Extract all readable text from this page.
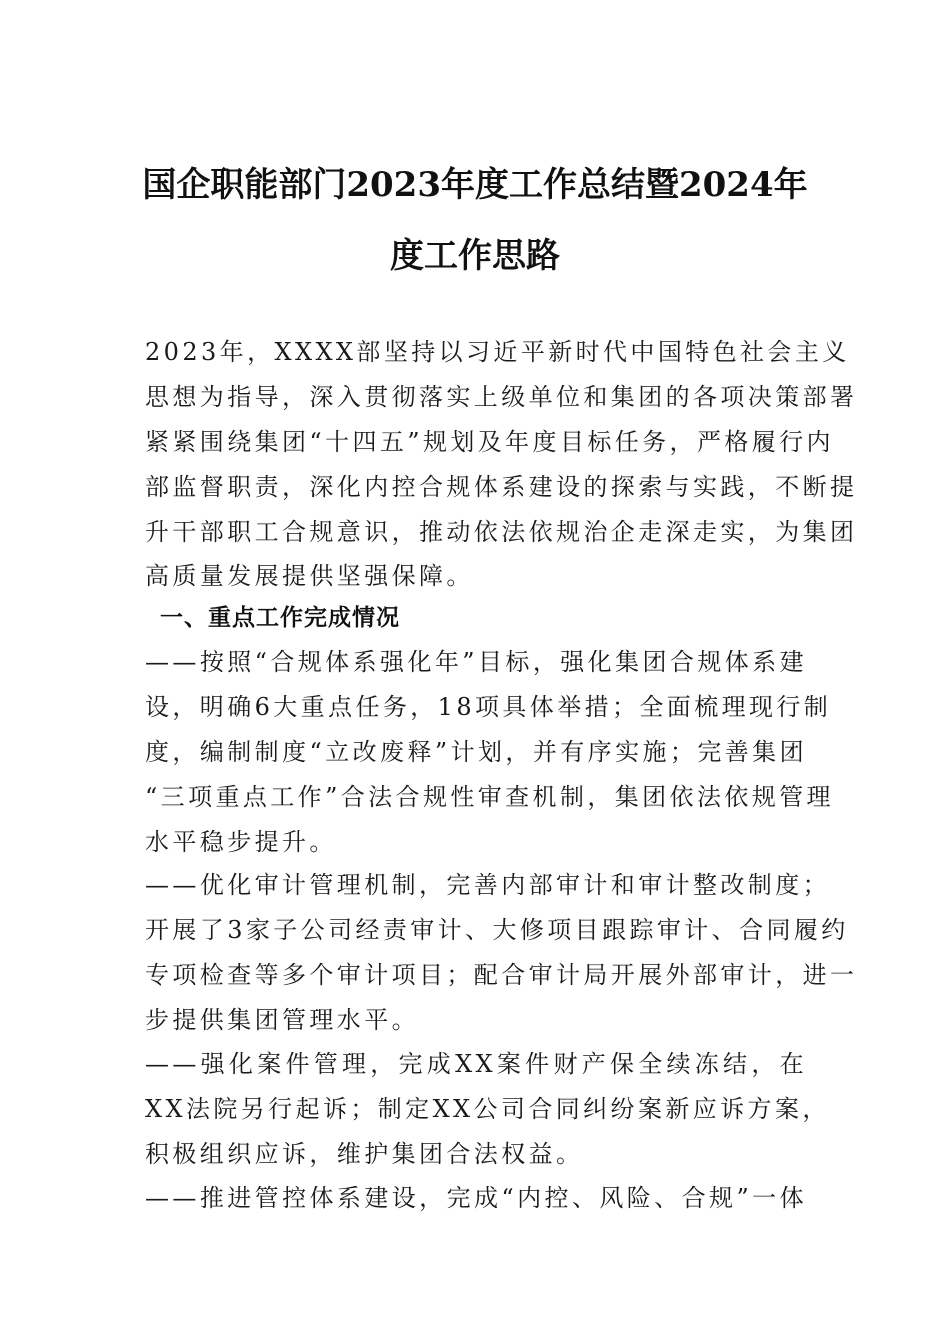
国企职能部门2023年度工作总结暨2024年
度工作思路
2023年，XXXX部坚持以习近平新时代中国特色社会主义
思想为指导，深入贯彻落实上级单位和集团的各项决策部署
紧紧围绕集团“十四五”规划及年度目标任务，严格履行内
部监督职责，深化内控合规体系建设的探索与实践，不断提
升干部职工合规意识，推动依法依规治企走深走实，为集团
高质量发展提供坚强保障。
一、重点工作完成情况
——按照“合规体系强化年”目标，强化集团合规体系建
设，明确6大重点任务，18项具体举措；全面梳理现行制
度，编制制度“立改废释”计划，并有序实施；完善集团
“三项重点工作”合法合规性审查机制，集团依法依规管理
水平稳步提升。
——优化审计管理机制，完善内部审计和审计整改制度；
开展了3家子公司经责审计、大修项目跟踪审计、合同履约
专项检查等多个审计项目；配合审计局开展外部审计，进一
步提供集团管理水平。
——强化案件管理，完成XX案件财产保全续冻结，在
XX法院另行起诉；制定XX公司合同纠纷案新应诉方案，
积极组织应诉，维护集团合法权益。
——推进管控体系建设，完成“内控、风险、合规”一体
